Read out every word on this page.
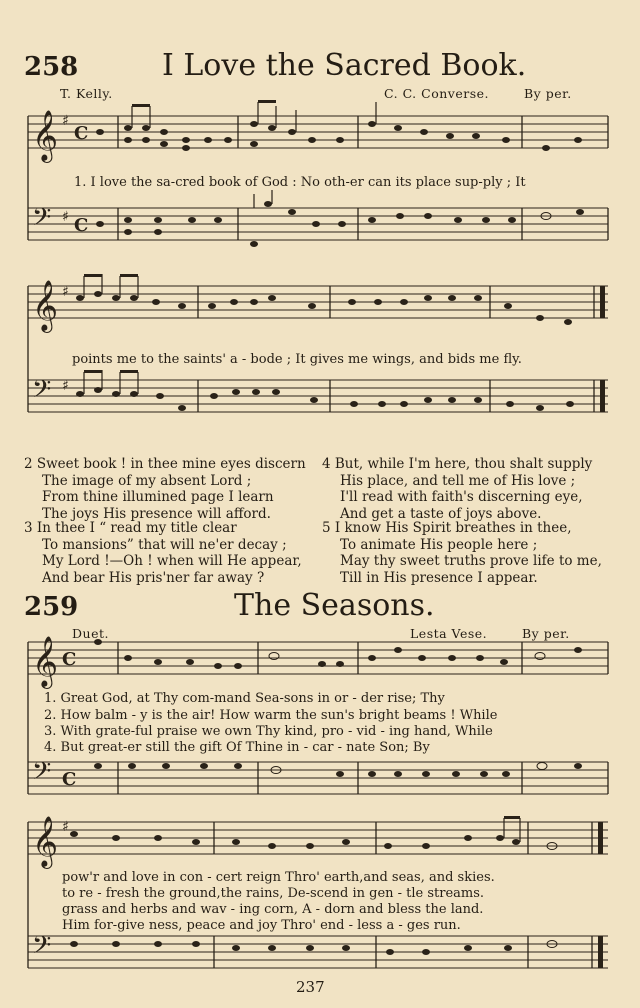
258	I Love the Sacred Book.
T. Kelly.	C. C. Converse.	By per.
𝄞
𝄢
𝄞
𝄢
𝄞
𝄢
𝄞
𝄢
♯
♯
♯
♯
♯
C
C
C
C
1. I love the sa-cred book of God : No oth-er can its place sup-ply ; It
points me to the saints' a - bode ; It gives me wings, and bids me fly.
2 Sweet book ! in thee mine eyes discern
The image of my absent Lord ;
From thine illumined page I learn
The joys His presence will afford.
3 In thee I “ read my title clear
To mansions” that will ne'er decay ;
My Lord !—Oh ! when will He appear,
And bear His pris'ner far away ?
4 But, while I'm here, thou shalt supply
His place, and tell me of His love ;
I'll read with faith's discerning eye,
And get a taste of joys above.
5 I know His Spirit breathes in thee,
To animate His people here ;
May thy sweet truths prove life to me,
Till in His presence I appear.
259	The Seasons.
Duet.	Lesta Vese.	By per.
1. Great God, at Thy com-mand Sea-sons in or - der rise; Thy
2. How balm - y is the air! How warm the sun's bright beams ! While
3. With grate-ful praise we own Thy kind, pro - vid - ing hand, While
4. But great-er still the gift Of Thine in - car - nate Son; By
pow'r and love in con - cert reign Thro' earth,and seas, and skies.
to re - fresh the ground,the rains, De-scend in gen - tle streams.
grass and herbs and wav - ing corn, A - dorn and bless the land.
Him for-give ness, peace and joy Thro' end - less a - ges run.
237
